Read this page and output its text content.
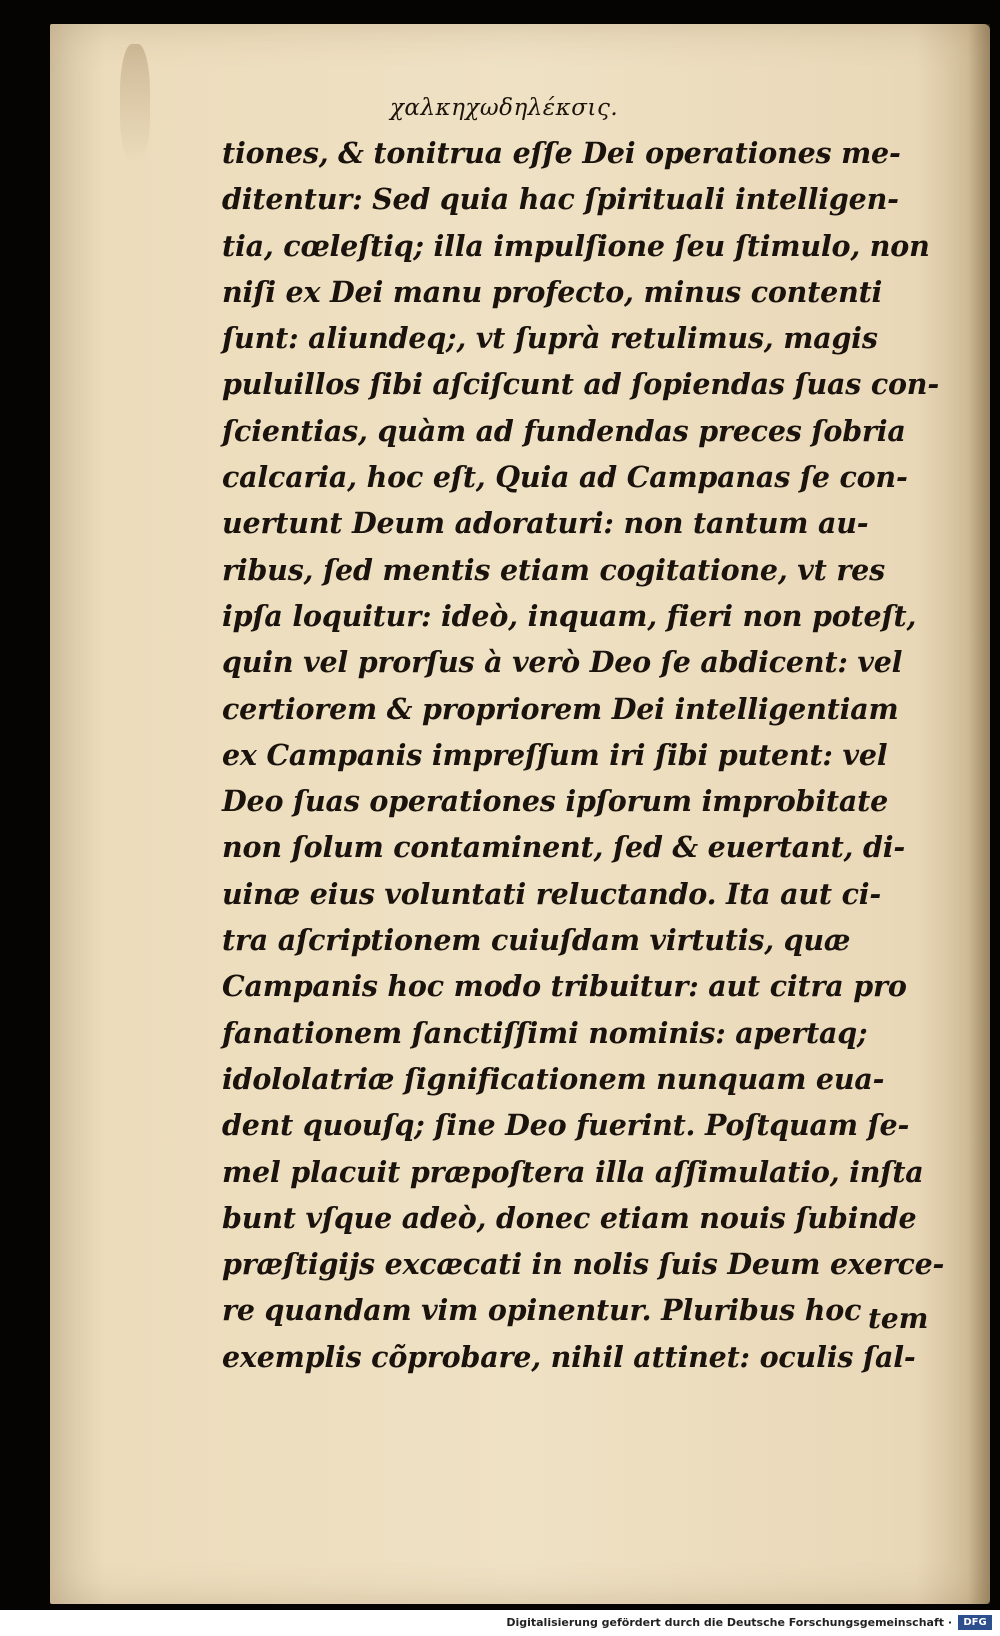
χαλκηχωδηλέκσις.
tiones, & tonitrua eſſe Dei operationes me-
ditentur: Sed quia hac ſpirituali intelligen-
tia, cœleſtiq; illa impulſione ſeu ſtimulo, non
niſi ex Dei manu profecto, minus contenti
ſunt: aliundeq;, vt ſuprà retulimus, magis
puluillos ſibi aſciſcunt ad ſopiendas ſuas con-
ſcientias, quàm ad fundendas preces ſobria
calcaria, hoc eſt, Quia ad Campanas ſe con-
uertunt Deum adoraturi: non tantum au-
ribus, ſed mentis etiam cogitatione, vt res
ipſa loquitur: ideò, inquam, fieri non poteſt,
quin vel prorſus à verò Deo ſe abdicent: vel
certiorem & propriorem Dei intelligentiam
ex Campanis impreſſum iri ſibi putent: vel
Deo ſuas operationes ipſorum improbitate
non ſolum contaminent, ſed & euertant, di-
uinæ eius voluntati reluctando. Ita aut ci-
tra aſcriptionem cuiuſdam virtutis, quæ
Campanis hoc modo tribuitur: aut citra pro
fanationem ſanctiſſimi nominis: apertaq;
idololatriæ ſignificationem nunquam eua-
dent quouſq; ſine Deo fuerint. Poſtquam ſe-
mel placuit præpoſtera illa aſſimulatio, inſta
bunt vſque adeò, donec etiam nouis ſubinde
præſtigijs excæcati in nolis ſuis Deum exerce-
re quandam vim opinentur. Pluribus hoc
exemplis cõprobare, nihil attinet: oculis ſal-
tem
Digitalisierung gefördert durch die Deutsche Forschungsgemeinschaft ·	DFG
